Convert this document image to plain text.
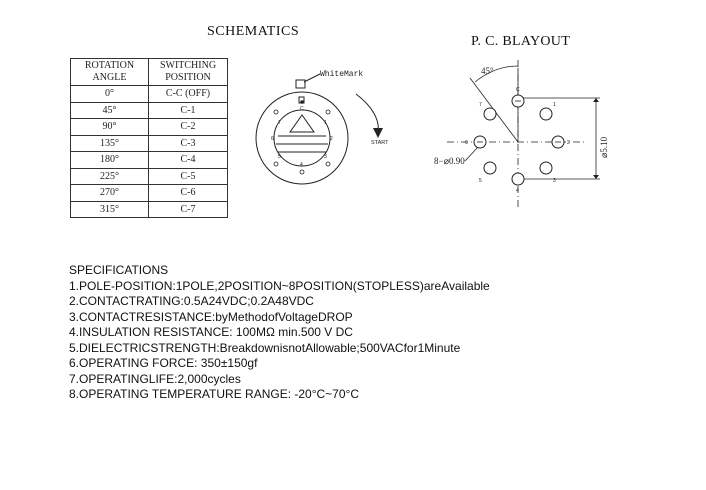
SCHEMATICS
P. C. BLAYOUT
ROTATION
ANGLE	SWITCHING
POSITION
0°	C-C (OFF)
45°	C-1
90°	C-2
135°	C-3
180°	C-4
225°	C-5
270°	C-6
315°	C-7
WhiteMark
START
C
1
2
3
4
5
6
7
45°
8−⌀0.90
⌀5.10
C
1
2
3
4
5
6
7
SPECIFICATIONS
1.POLE-POSITION:1POLE,2POSITION~8POSITION(STOPLESS)areAvailable
2.CONTACTRATING:0.5A24VDC;0.2A48VDC
3.CONTACTRESISTANCE:byMethodofVoltageDROP
4.INSULATION RESISTANCE: 100MΩ min.500 V DC
5.DIELECTRICSTRENGTH:BreakdownisnotAllowable;500VACfor1Minute
6.OPERATING FORCE: 350±150gf
7.OPERATINGLIFE:2,000cycles
8.OPERATING TEMPERATURE RANGE: -20°C~70°C
